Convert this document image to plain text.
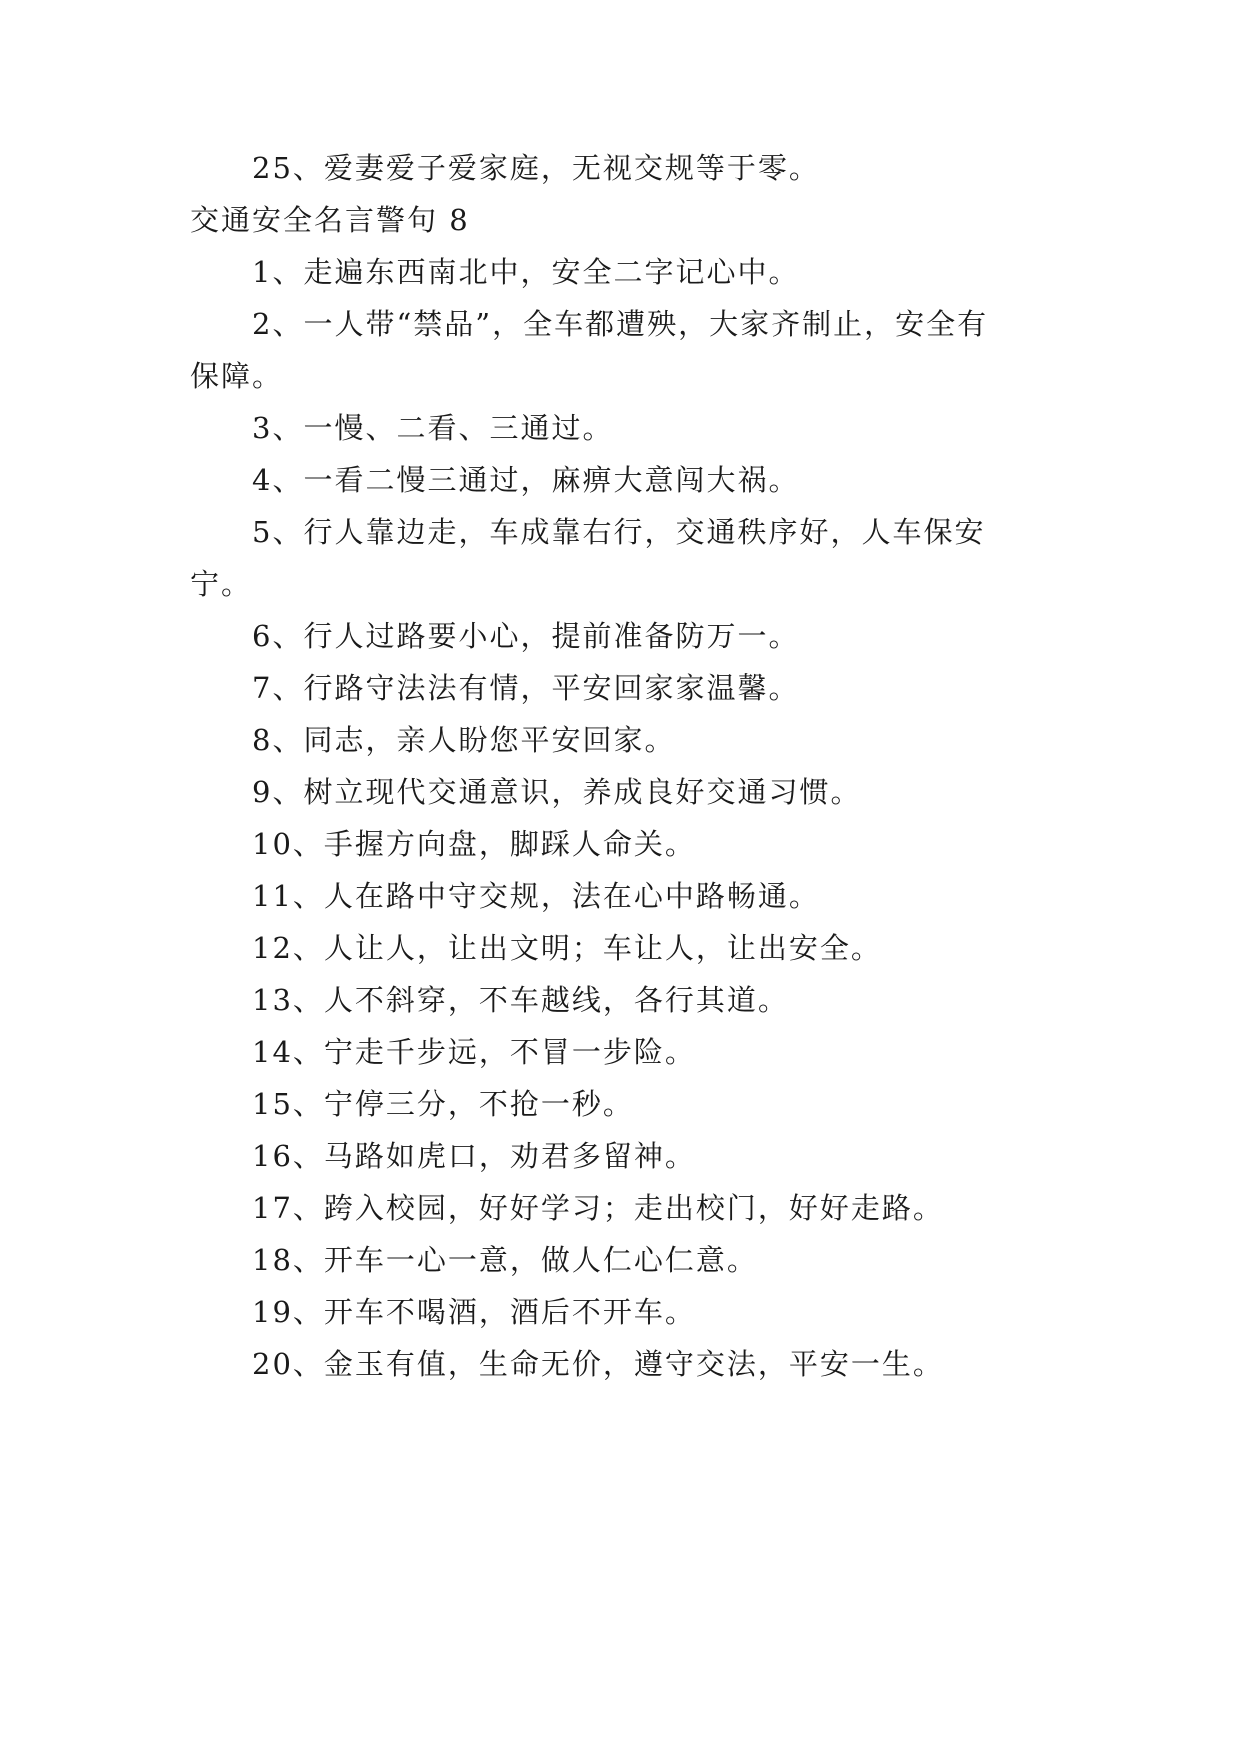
25、爱妻爱子爱家庭，无视交规等于零。
交通安全名言警句 8
1、走遍东西南北中，安全二字记心中。
2、一人带“禁品”，全车都遭殃，大家齐制止，安全有
保障。
3、一慢、二看、三通过。
4、一看二慢三通过，麻痹大意闯大祸。
5、行人靠边走，车成靠右行，交通秩序好，人车保安
宁。
6、行人过路要小心，提前准备防万一。
7、行路守法法有情，平安回家家温馨。
8、同志，亲人盼您平安回家。
9、树立现代交通意识，养成良好交通习惯。
10、手握方向盘，脚踩人命关。
11、人在路中守交规，法在心中路畅通。
12、人让人，让出文明；车让人，让出安全。
13、人不斜穿，不车越线，各行其道。
14、宁走千步远，不冒一步险。
15、宁停三分，不抢一秒。
16、马路如虎口，劝君多留神。
17、跨入校园，好好学习；走出校门，好好走路。
18、开车一心一意，做人仁心仁意。
19、开车不喝酒，酒后不开车。
20、金玉有值，生命无价，遵守交法，平安一生。
